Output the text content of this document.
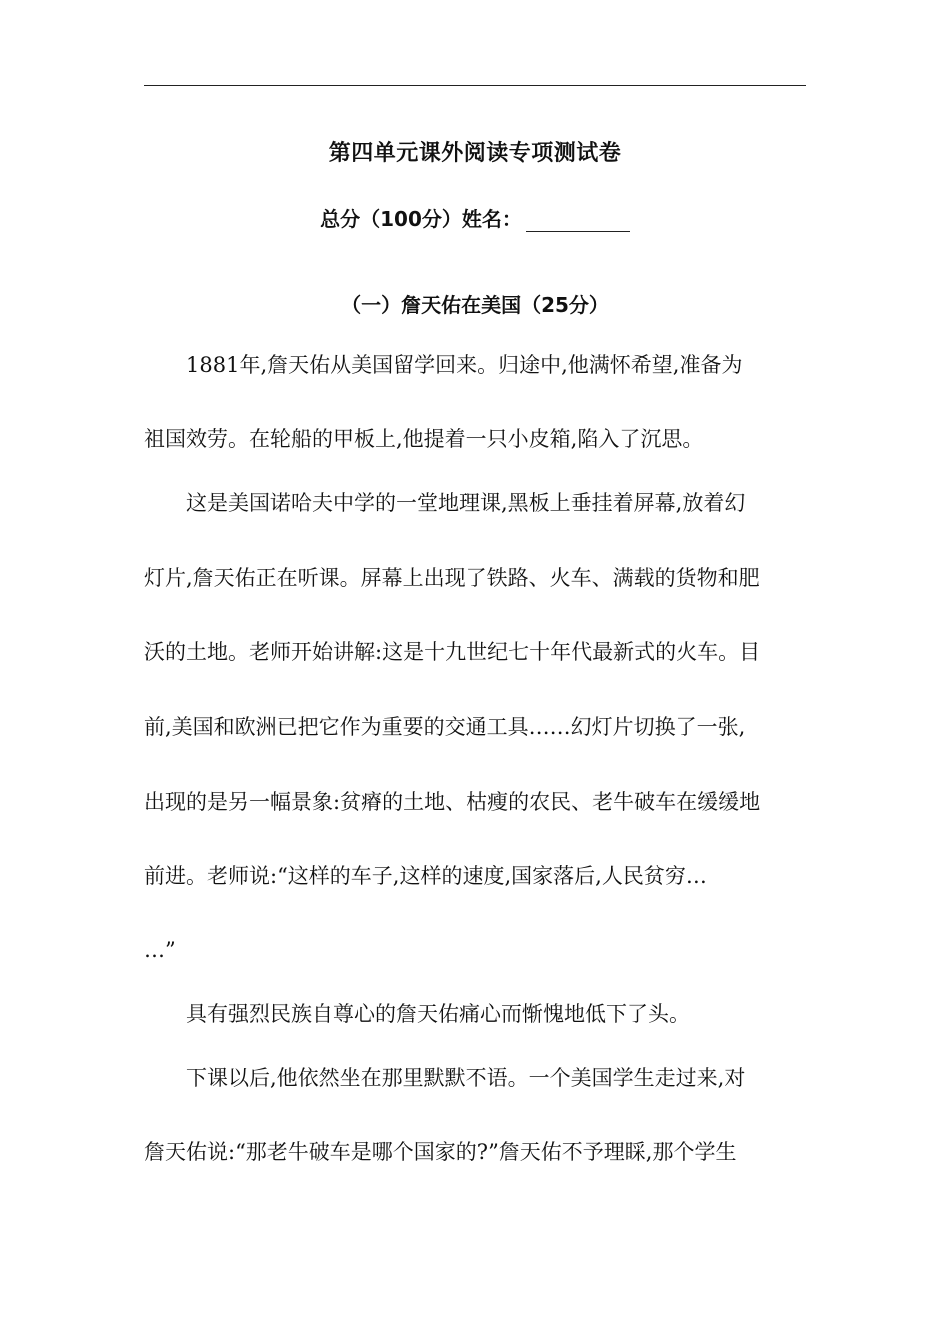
第四单元课外阅读专项测试卷
总分（100分）姓名：
（一）詹天佑在美国（25分）
1881年,詹天佑从美国留学回来。归途中,他满怀希望,准备为
祖国效劳。在轮船的甲板上,他提着一只小皮箱,陷入了沉思。
这是美国诺哈夫中学的一堂地理课,黑板上垂挂着屏幕,放着幻
灯片,詹天佑正在听课。屏幕上出现了铁路、火车、满载的货物和肥
沃的土地。老师开始讲解:这是十九世纪七十年代最新式的火车。目
前,美国和欧洲已把它作为重要的交通工具……幻灯片切换了一张,
出现的是另一幅景象:贫瘠的土地、枯瘦的农民、老牛破车在缓缓地
前进。老师说:“这样的车子,这样的速度,国家落后,人民贫穷…
…”
具有强烈民族自尊心的詹天佑痛心而惭愧地低下了头。
下课以后,他依然坐在那里默默不语。一个美国学生走过来,对
詹天佑说:“那老牛破车是哪个国家的?”詹天佑不予理睬,那个学生
